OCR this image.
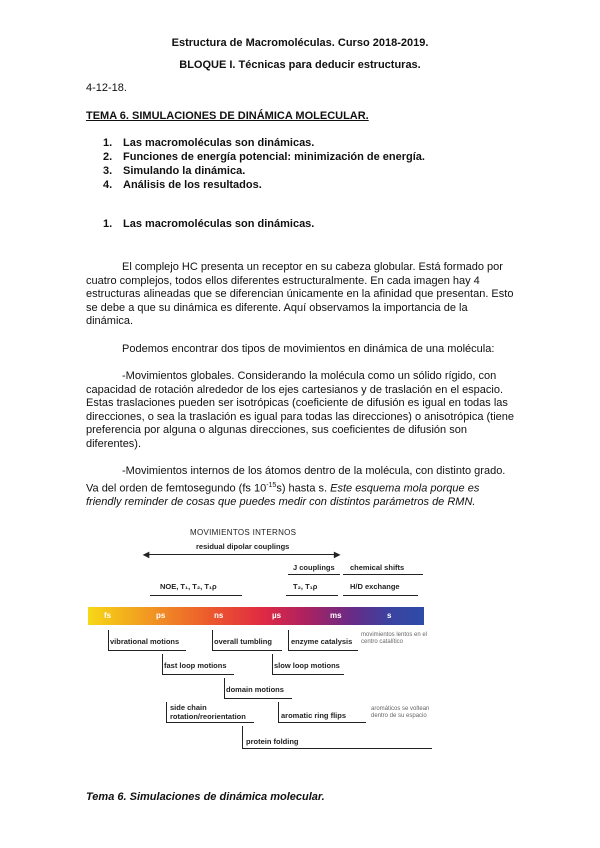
Estructura de Macromoléculas. Curso 2018-2019.
BLOQUE I. Técnicas para deducir estructuras.
4-12-18.
TEMA 6. SIMULACIONES DE DINÁMICA MOLECULAR.
1. Las macromoléculas son dinámicas.
2. Funciones de energía potencial: minimización de energía.
3. Simulando la dinámica.
4. Análisis de los resultados.
1. Las macromoléculas son dinámicas.
El complejo HC presenta un receptor en su cabeza globular. Está formado por cuatro complejos, todos ellos diferentes estructuralmente. En cada imagen hay 4 estructuras alineadas que se diferencian únicamente en la afinidad que presentan. Esto se debe a que su dinámica es diferente. Aquí observamos la importancia de la dinámica.
Podemos encontrar dos tipos de movimientos en dinámica de una molécula:
-Movimientos globales. Considerando la molécula como un sólido rígido, con capacidad de rotación alrededor de los ejes cartesianos y de traslación en el espacio. Estas traslaciones pueden ser isotrópicas (coeficiente de difusión es igual en todas las direcciones, o sea la traslación es igual para todas las direcciones) o anisotrópica (tiene preferencia por alguna o algunas direcciones, sus coeficientes de difusión son diferentes).
-Movimientos internos de los átomos dentro de la molécula, con distinto grado. Va del orden de femtosegundo (fs $10^{-15}s$) hasta s. Este esquema mola porque es friendly reminder de cosas que puedes medir con distintos parámetros de RMN.
MOVIMIENTOS INTERNOS
residual dipolar couplings
◀	▶
J couplings chemical shifts
NOE, T₁, T₂, T₁ρ	T₂, T₁ρ	H/D exchange
fs	ps	ns	µs	ms	s
vibrational motions	overall tumbling	enzyme catalysis
movimientos lentos en el centro catalítico
fast loop motions	slow loop motions
domain motions
side chain
rotation/reorientation	aromatic ring flips
aromáticos se voltean dentro de su espacio
protein folding
Tema 6. Simulaciones de dinámica molecular.
